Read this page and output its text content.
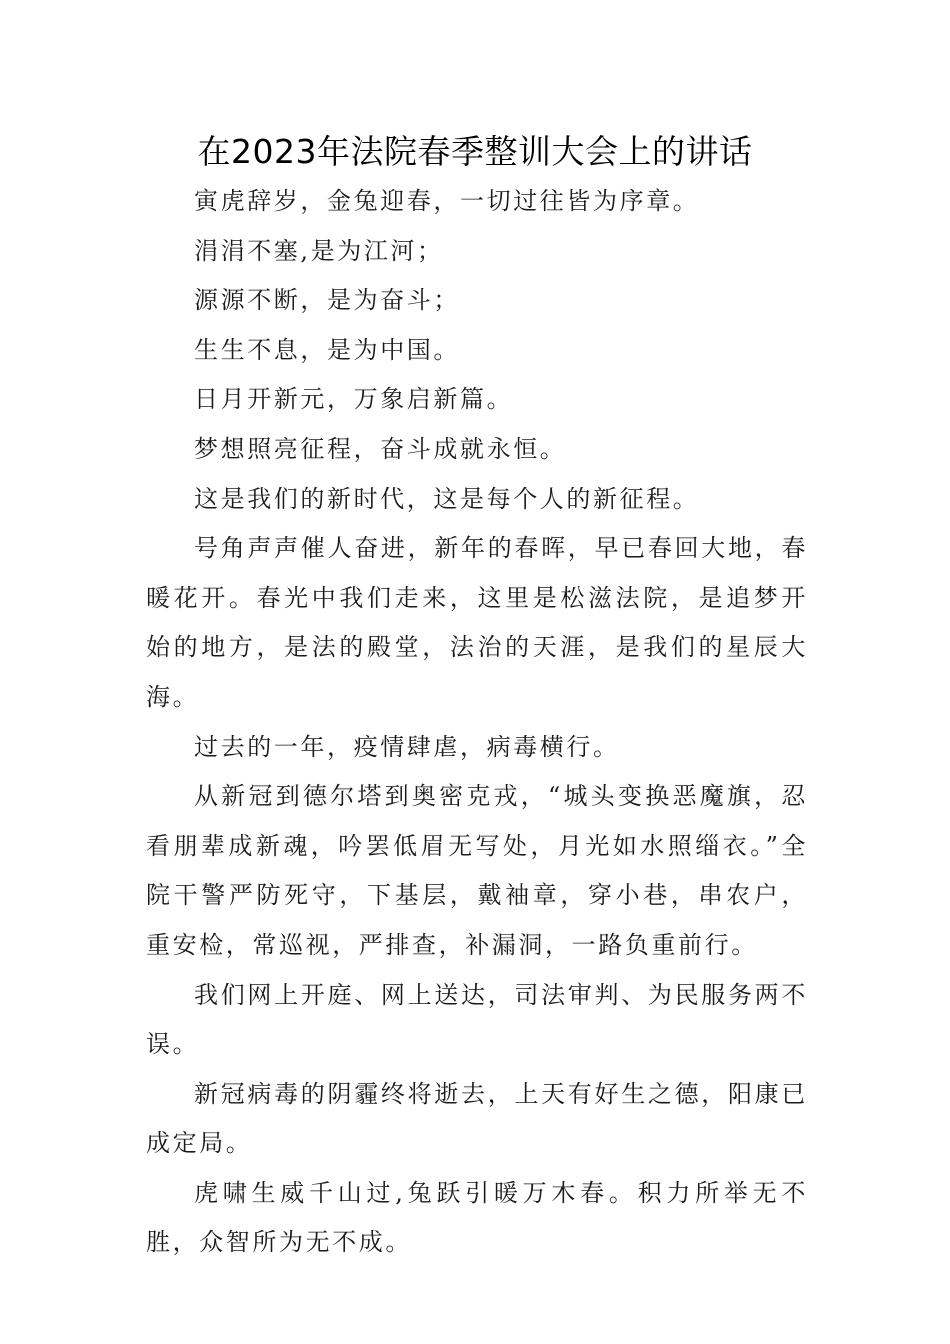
在2023年法院春季整训大会上的讲话

寅虎辞岁，金兔迎春，一切过往皆为序章。

涓涓不塞,是为江河；

源源不断，是为奋斗；

生生不息，是为中国。

日月开新元，万象启新篇。

梦想照亮征程，奋斗成就永恒。

这是我们的新时代，这是每个人的新征程。

号角声声催人奋进，新年的春晖，早已春回大地，春暖花开。春光中我们走来，这里是松滋法院，是追梦开始的地方，是法的殿堂，法治的天涯，是我们的星辰大海。

过去的一年，疫情肆虐，病毒横行。

从新冠到德尔塔到奥密克戎，“城头变换恶魔旗，忍看朋辈成新魂，吟罢低眉无写处，月光如水照缁衣。”全院干警严防死守，下基层，戴袖章，穿小巷，串农户，重安检，常巡视，严排查，补漏洞，一路负重前行。

我们网上开庭、网上送达，司法审判、为民服务两不误。

新冠病毒的阴霾终将逝去，上天有好生之德，阳康已成定局。

虎啸生威千山过,兔跃引暖万木春。积力所举无不胜，众智所为无不成。
